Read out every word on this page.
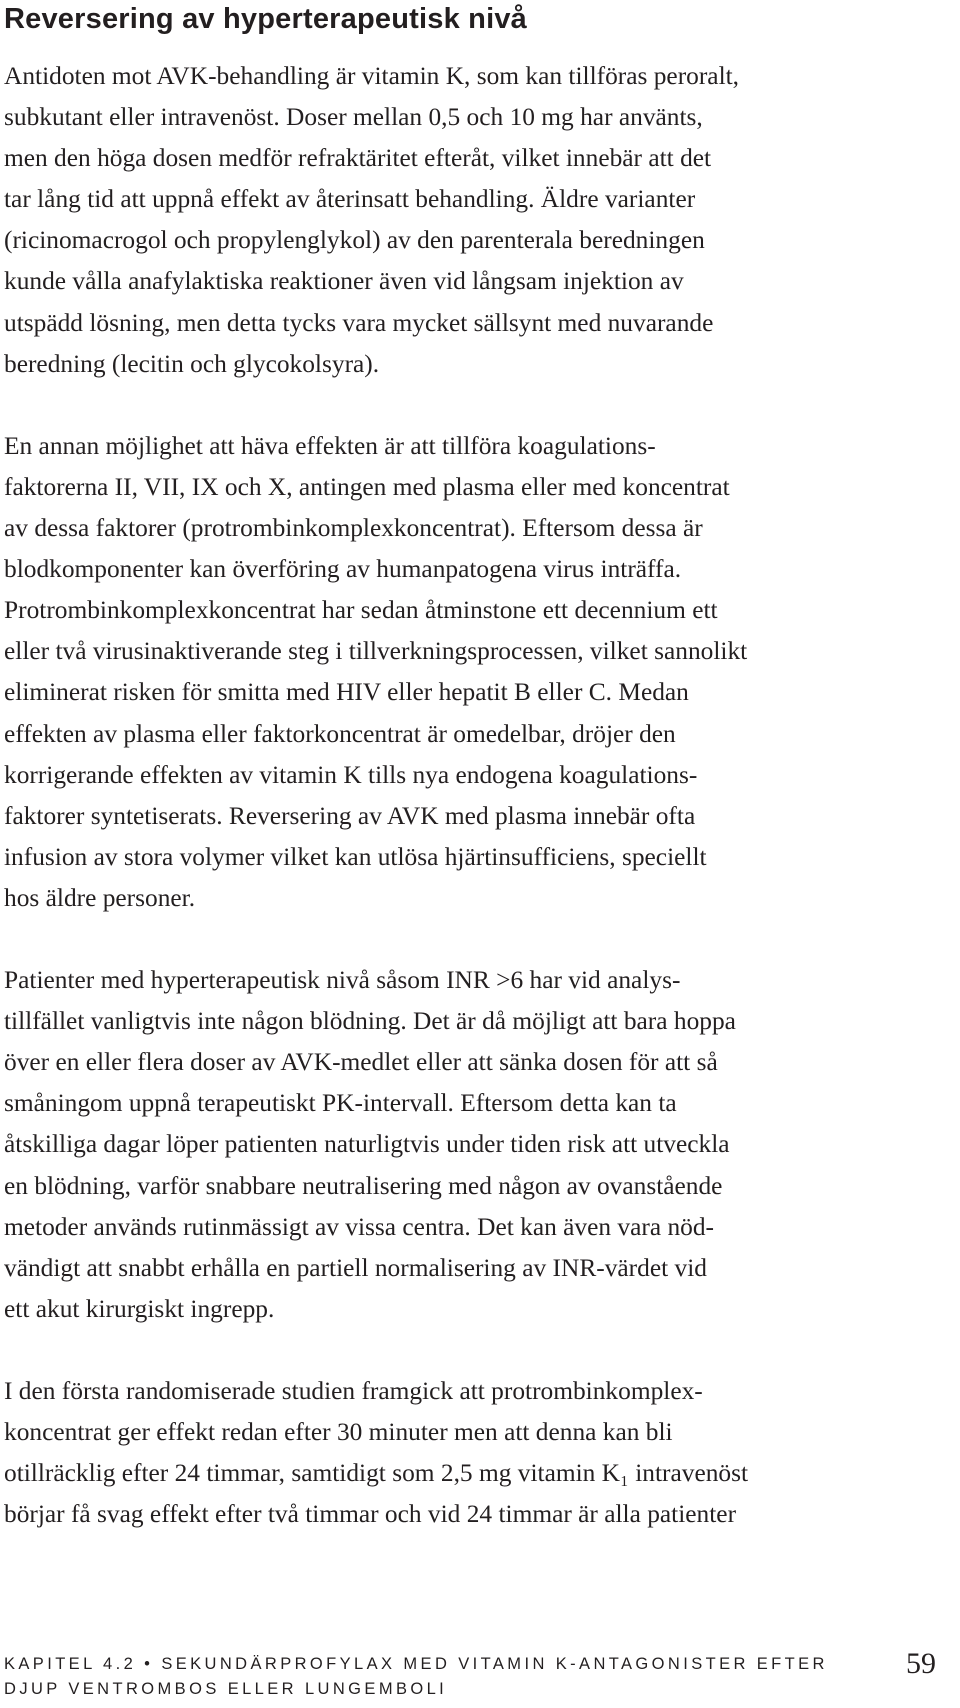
Reversering av hyperterapeutisk nivå

Antidoten mot AVK-behandling är vitamin K, som kan tillföras peroralt,
subkutant eller intravenöst. Doser mellan 0,5 och 10 mg har använts,
men den höga dosen medför refraktäritet efteråt, vilket innebär att det
tar lång tid att uppnå effekt av återinsatt behandling. Äldre varianter
(ricinomacrogol och propylenglykol) av den parenterala beredningen
kunde vålla anafylaktiska reaktioner även vid långsam injektion av
utspädd lösning, men detta tycks vara mycket sällsynt med nuvarande
beredning (lecitin och glycokolsyra).

En annan möjlighet att häva effekten är att tillföra koagulations-
faktorerna II, VII, IX och X, antingen med plasma eller med koncentrat
av dessa faktorer (protrombinkomplexkoncentrat). Eftersom dessa är
blodkomponenter kan överföring av humanpatogena virus inträffa.
Protrombinkomplexkoncentrat har sedan åtminstone ett decennium ett
eller två virusinaktiverande steg i tillverkningsprocessen, vilket sannolikt
eliminerat risken för smitta med HIV eller hepatit B eller C. Medan
effekten av plasma eller faktorkoncentrat är omedelbar, dröjer den
korrigerande effekten av vitamin K tills nya endogena koagulations-
faktorer syntetiserats. Reversering av AVK med plasma innebär ofta
infusion av stora volymer vilket kan utlösa hjärtinsufficiens, speciellt
hos äldre personer.

Patienter med hyperterapeutisk nivå såsom INR >6 har vid analys-
tillfället vanligtvis inte någon blödning. Det är då möjligt att bara hoppa
över en eller flera doser av AVK-medlet eller att sänka dosen för att så
småningom uppnå terapeutiskt PK-intervall. Eftersom detta kan ta
åtskilliga dagar löper patienten naturligtvis under tiden risk att utveckla
en blödning, varför snabbare neutralisering med någon av ovanstående
metoder används rutinmässigt av vissa centra. Det kan även vara nöd-
vändigt att snabbt erhålla en partiell normalisering av INR-värdet vid
ett akut kirurgiskt ingrepp.

I den första randomiserade studien framgick att protrombinkomplex-
koncentrat ger effekt redan efter 30 minuter men att denna kan bli
otillräcklig efter 24 timmar, samtidigt som 2,5 mg vitamin K₁ intravenöst
börjar få svag effekt efter två timmar och vid 24 timmar är alla patienter

KAPITEL 4.2 • SEKUNDÄRPROFYLAX MED VITAMIN K-ANTAGONISTER EFTER
DJUP VENTROMBOS ELLER LUNGEMBOLI
59
